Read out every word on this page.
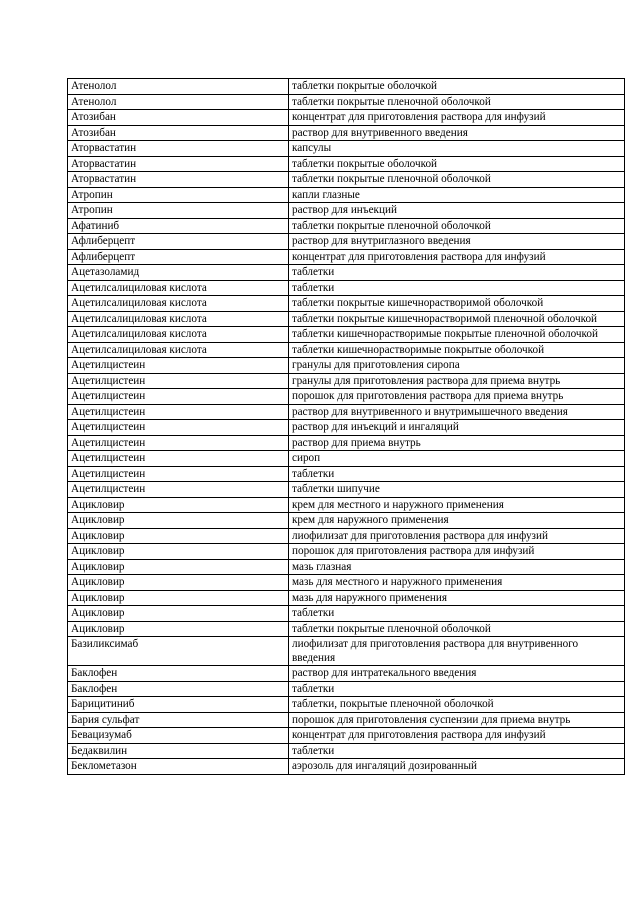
Атенолол	таблетки покрытые оболочкой
Атенолол	таблетки покрытые пленочной оболочкой
Атозибан	концентрат для приготовления раствора для инфузий
Атозибан	раствор для внутривенного введения
Аторвастатин	капсулы
Аторвастатин	таблетки покрытые оболочкой
Аторвастатин	таблетки покрытые пленочной оболочкой
Атропин	капли глазные
Атропин	раствор для инъекций
Афатиниб	таблетки покрытые пленочной оболочкой
Афлиберцепт	раствор для внутриглазного введения
Афлиберцепт	концентрат для приготовления раствора для инфузий
Ацетазоламид	таблетки
Ацетилсалициловая кислота	таблетки
Ацетилсалициловая кислота	таблетки покрытые кишечнорастворимой оболочкой
Ацетилсалициловая кислота	таблетки покрытые кишечнорастворимой пленочной оболочкой
Ацетилсалициловая кислота	таблетки кишечнорастворимые покрытые пленочной оболочкой
Ацетилсалициловая кислота	таблетки кишечнорастворимые покрытые оболочкой
Ацетилцистеин	гранулы для приготовления сиропа
Ацетилцистеин	гранулы для приготовления раствора для приема внутрь
Ацетилцистеин	порошок для приготовления раствора для приема внутрь
Ацетилцистеин	раствор для внутривенного и внутримышечного введения
Ацетилцистеин	раствор для инъекций и ингаляций
Ацетилцистеин	раствор для приема внутрь
Ацетилцистеин	сироп
Ацетилцистеин	таблетки
Ацетилцистеин	таблетки шипучие
Ацикловир	крем для местного и наружного применения
Ацикловир	крем для наружного применения
Ацикловир	лиофилизат для приготовления раствора для инфузий
Ацикловир	порошок для приготовления раствора для инфузий
Ацикловир	мазь глазная
Ацикловир	мазь для местного и наружного применения
Ацикловир	мазь для наружного применения
Ацикловир	таблетки
Ацикловир	таблетки покрытые пленочной оболочкой
Базиликсимаб	лиофилизат для приготовления раствора для внутривенного введения
Баклофен	раствор для интратекального введения
Баклофен	таблетки
Барицитиниб	таблетки, покрытые пленочной оболочкой
Бария сульфат	порошок для приготовления суспензии для приема внутрь
Бевацизумаб	концентрат для приготовления раствора для инфузий
Бедаквилин	таблетки
Беклометазон	аэрозоль для ингаляций дозированный
